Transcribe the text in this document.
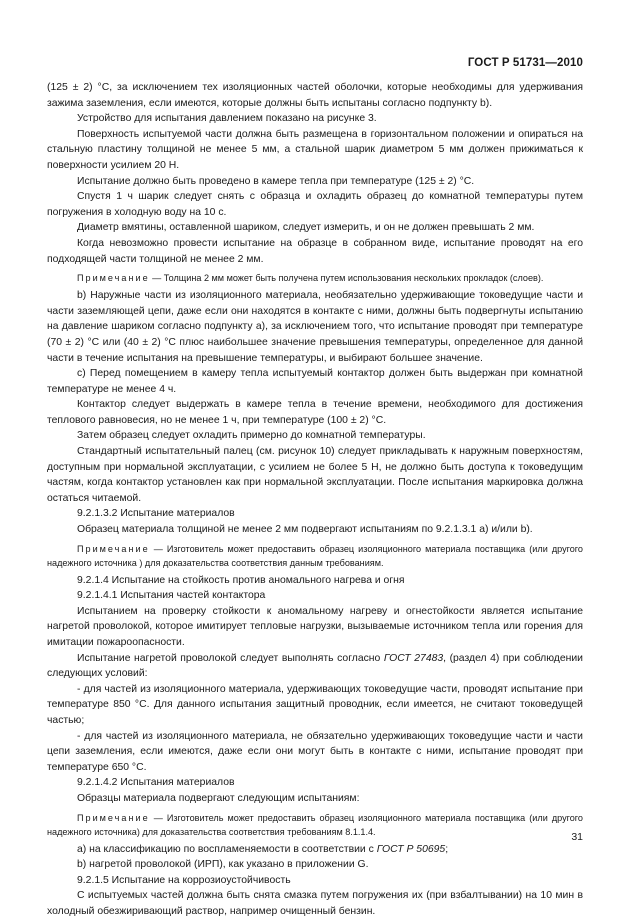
ГОСТ Р 51731—2010

(125 ± 2) °С, за исключением тех изоляционных частей оболочки, которые необходимы для удерживания зажима заземления, если имеются, которые должны быть испытаны согласно подпункту b).

Устройство для испытания давлением показано на рисунке 3.

Поверхность испытуемой части должна быть размещена в горизонтальном положении и опираться на стальную пластину толщиной не менее 5 мм, а стальной шарик диаметром 5 мм должен прижиматься к поверхности усилием 20 Н.

Испытание должно быть проведено в камере тепла при температуре (125 ± 2) °С.

Спустя 1 ч шарик следует снять с образца и охладить образец до комнатной температуры путем погружения в холодную воду на 10 с.

Диаметр вмятины, оставленной шариком, следует измерить, и он не должен превышать 2 мм.

Когда невозможно провести испытание на образце в собранном виде, испытание проводят на его подходящей части толщиной не менее 2 мм.

Примечание — Толщина 2 мм может быть получена путем использования нескольких прокладок (слоев).

b) Наружные части из изоляционного материала, необязательно удерживающие токоведущие части и части заземляющей цепи, даже если они находятся в контакте с ними, должны быть подвергнуты испытанию на давление шариком согласно подпункту а), за исключением того, что испытание проводят при температуре (70 ± 2) °С или (40 ± 2) °С плюс наибольшее значение превышения температуры, определенное для данной части в течение испытания на превышение температуры, и выбирают большее значение.

с) Перед помещением в камеру тепла испытуемый контактор должен быть выдержан при комнатной температуре не менее 4 ч.

Контактор следует выдержать в камере тепла в течение времени, необходимого для достижения теплового равновесия, но не менее 1 ч, при температуре (100 ± 2) °С.

Затем образец следует охладить примерно до комнатной температуры.

Стандартный испытательный палец (см. рисунок 10) следует прикладывать к наружным поверхностям, доступным при нормальной эксплуатации, с усилием не более 5 Н, не должно быть доступа к токоведущим частям, когда контактор установлен как при нормальной эксплуатации. После испытания маркировка должна остаться читаемой.

9.2.1.3.2 Испытание материалов

Образец материала толщиной не менее 2 мм подвергают испытаниям по 9.2.1.3.1 а) и/или b).

Примечание — Изготовитель может предоставить образец изоляционного материала поставщика (или другого надежного источника ) для доказательства соответствия данным требованиям.

9.2.1.4 Испытание на стойкость против аномального нагрева и огня

9.2.1.4.1 Испытания частей контактора

Испытанием на проверку стойкости к аномальному нагреву и огнестойкости является испытание нагретой проволокой, которое имитирует тепловые нагрузки, вызываемые источником тепла или горения для имитации пожароопасности.

Испытание нагретой проволокой следует выполнять согласно ГОСТ 27483, (раздел 4) при соблюдении следующих условий:

- для частей из изоляционного материала, удерживающих токоведущие части, проводят испытание при температуре 850 °С. Для данного испытания защитный проводник, если имеется, не считают токоведущей частью;

- для частей из изоляционного материала, не обязательно удерживающих токоведущие части и части цепи заземления, если имеются, даже если они могут быть в контакте с ними, испытание проводят при температуре 650 °С.

9.2.1.4.2 Испытания материалов

Образцы материала подвергают следующим испытаниям:

Примечание — Изготовитель может предоставить образец изоляционного материала поставщика (или другого надежного источника) для доказательства соответствия требованиям 8.1.1.4.

а) на классификацию по воспламеняемости в соответствии с ГОСТ Р 50695;

b) нагретой проволокой (ИРП), как указано в приложении G.

9.2.1.5 Испытание на коррозиоустойчивость

С испытуемых частей должна быть снята смазка путем погружения их (при взбалтывании) на 10 мин в холодный обезжиривающий раствор, например очищенный бензин.

31
